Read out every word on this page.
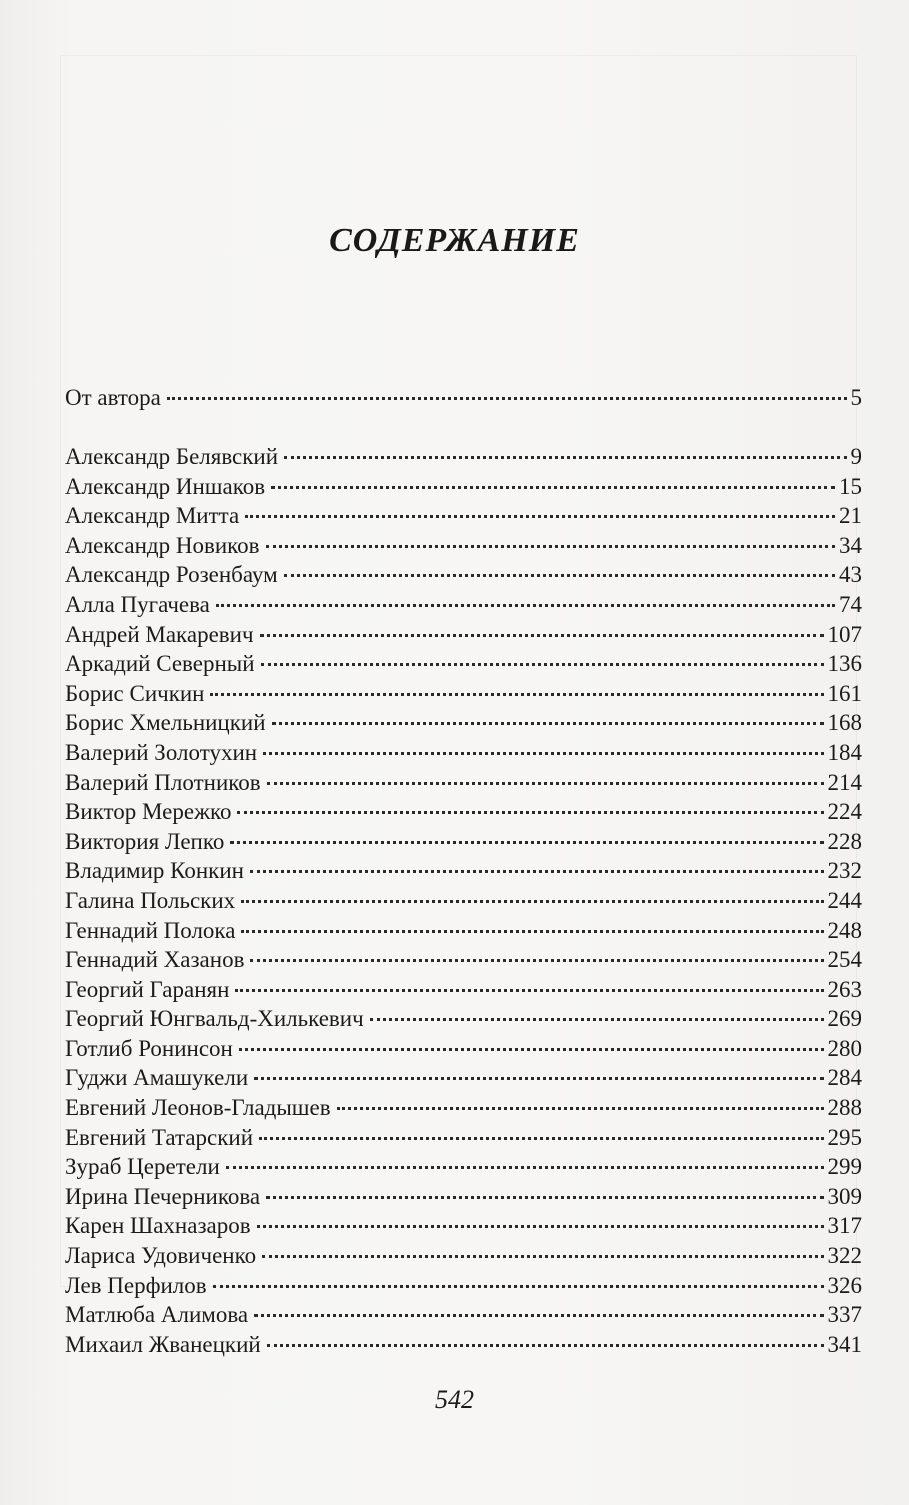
СОДЕРЖАНИЕ
От автора	5
Александр Белявский	9
Александр Иншаков	15
Александр Митта	21
Александр Новиков	34
Александр Розенбаум	43
Алла Пугачева	74
Андрей Макаревич	107
Аркадий Северный	136
Борис Сичкин	161
Борис Хмельницкий	168
Валерий Золотухин	184
Валерий Плотников	214
Виктор Мережко	224
Виктория Лепко	228
Владимир Конкин	232
Галина Польских	244
Геннадий Полока	248
Геннадий Хазанов	254
Георгий Гаранян	263
Георгий Юнгвальд-Хилькевич	269
Готлиб Ронинсон	280
Гуджи Амашукели	284
Евгений Леонов-Гладышев	288
Евгений Татарский	295
Зураб Церетели	299
Ирина Печерникова	309
Карен Шахназаров	317
Лариса Удовиченко	322
Лев Перфилов	326
Матлюба Алимова	337
Михаил Жванецкий	341
542
